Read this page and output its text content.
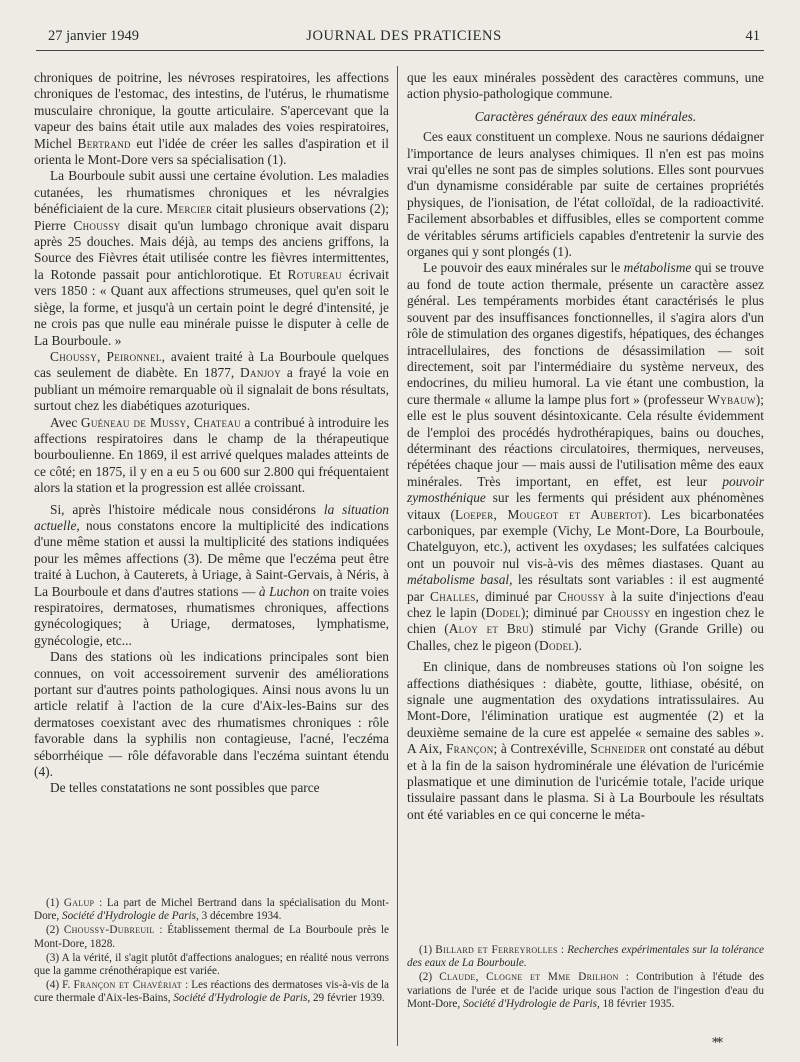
27 janvier 1949	JOURNAL DES PRATICIENS	41

chroniques de poitrine, les névroses respiratoires, les affections chroniques de l'estomac, des intestins, de l'utérus, le rhumatisme musculaire chronique, la goutte articulaire. S'apercevant que la vapeur des bains était utile aux malades des voies respiratoires, Michel Bertrand eut l'idée de créer les salles d'aspiration et il orienta le Mont-Dore vers sa spécialisation (1).

La Bourboule subit aussi une certaine évolution. Les maladies cutanées, les rhumatismes chroniques et les névralgies bénéficiaient de la cure. Mercier citait plusieurs observations (2); Pierre Choussy disait qu'un lumbago chronique avait disparu après 25 douches. Mais déjà, au temps des anciens griffons, la Source des Fièvres était utilisée contre les fièvres intermittentes, la Rotonde passait pour antichlorotique. Et Rotureau écrivait vers 1850 : « Quant aux affections strumeuses, quel qu'en soit le siège, la forme, et jusqu'à un certain point le degré d'intensité, je ne crois pas que nulle eau minérale puisse le disputer à celle de La Bourboule. »

Choussy, Peironnel, avaient traité à La Bourboule quelques cas seulement de diabète. En 1877, Danjoy a frayé la voie en publiant un mémoire remarquable où il signalait de bons résultats, surtout chez les diabétiques azoturiques.

Avec Guéneau de Mussy, Chateau a contribué à introduire les affections respiratoires dans le champ de la thérapeutique bourboulienne. En 1869, il est arrivé quelques malades atteints de ce côté; en 1875, il y en a eu 5 ou 600 sur 2.800 qui fréquentaient alors la station et la progression est allée croissant.

Si, après l'histoire médicale nous considérons la situation actuelle, nous constatons encore la multiplicité des indications d'une même station et aussi la multiplicité des stations indiquées pour les mêmes affections (3). De même que l'eczéma peut être traité à Luchon, à Cauterets, à Uriage, à Saint-Gervais, à Néris, à La Bourboule et dans d'autres stations — à Luchon on traite voies respiratoires, dermatoses, rhumatismes chroniques, affections gynécologiques; à Uriage, dermatoses, lymphatisme, gynécologie, etc...

Dans des stations où les indications principales sont bien connues, on voit accessoirement survenir des améliorations portant sur d'autres points pathologiques. Ainsi nous avons lu un article relatif à l'action de la cure d'Aix-les-Bains sur des dermatoses coexistant avec des rhumatismes chroniques : rôle favorable dans la syphilis non contagieuse, l'acné, l'eczéma séborrhéique — rôle défavorable dans l'eczéma suintant étendu (4).

De telles constatations ne sont possibles que parce

(1) Galup : La part de Michel Bertrand dans la spécialisation du Mont-Dore, Société d'Hydrologie de Paris, 3 décembre 1934.

(2) Choussy-Dubreuil : Établissement thermal de La Bourboule près le Mont-Dore, 1828.

(3) A la vérité, il s'agit plutôt d'affections analogues; en réalité nous verrons que la gamme crénothérapique est variée.

(4) F. Françon et Chavériat : Les réactions des dermatoses vis-à-vis de la cure thermale d'Aix-les-Bains, Société d'Hydrologie de Paris, 29 février 1939.

que les eaux minérales possèdent des caractères communs, une action physio-pathologique commune.

Caractères généraux des eaux minérales.

Ces eaux constituent un complexe. Nous ne saurions dédaigner l'importance de leurs analyses chimiques. Il n'en est pas moins vrai qu'elles ne sont pas de simples solutions. Elles sont pourvues d'un dynamisme considérable par suite de certaines propriétés physiques, de l'ionisation, de l'état colloïdal, de la radioactivité. Facilement absorbables et diffusibles, elles se comportent comme de véritables sérums artificiels capables d'entretenir la survie des organes qui y sont plongés (1).

Le pouvoir des eaux minérales sur le métabolisme qui se trouve au fond de toute action thermale, présente un caractère assez général. Les tempéraments morbides étant caractérisés le plus souvent par des insuffisances fonctionnelles, il s'agira alors d'un rôle de stimulation des organes digestifs, hépatiques, des échanges intracellulaires, des fonctions de désassimilation — soit directement, soit par l'intermédiaire du système nerveux, des endocrines, du milieu humoral. La vie étant une combustion, la cure thermale « allume la lampe plus fort » (professeur Wybauw); elle est le plus souvent désintoxicante. Cela résulte évidemment de l'emploi des procédés hydrothérapiques, bains ou douches, déterminant des réactions circulatoires, thermiques, nerveuses, répétées chaque jour — mais aussi de l'utilisation même des eaux minérales. Très important, en effet, est leur pouvoir zymosthénique sur les ferments qui président aux phénomènes vitaux (Loeper, Mougeot et Aubertot). Les bicarbonatées carboniques, par exemple (Vichy, Le Mont-Dore, La Bourboule, Chatelguyon, etc.), activent les oxydases; les sulfatées calciques ont un pouvoir nul vis-à-vis des mêmes diastases. Quant au métabolisme basal, les résultats sont variables : il est augmenté par Challes, diminué par Choussy à la suite d'injections d'eau chez le lapin (Dodel); diminué par Choussy en ingestion chez le chien (Aloy et Bru) stimulé par Vichy (Grande Grille) ou Challes, chez le pigeon (Dodel).

En clinique, dans de nombreuses stations où l'on soigne les affections diathésiques : diabète, goutte, lithiase, obésité, on signale une augmentation des oxydations intratissulaires. Au Mont-Dore, l'élimination uratique est augmentée (2) et la deuxième semaine de la cure est appelée « semaine des sables ». A Aix, Françon; à Contrexéville, Schneider ont constaté au début et à la fin de la saison hydrominérale une élévation de l'uricémie plasmatique et une diminution de l'uricémie totale, l'acide urique tissulaire passant dans le plasma. Si à La Bourboule les résultats ont été variables en ce qui concerne le méta-

(1) Billard et Ferreyrolles : Recherches expérimentales sur la tolérance des eaux de La Bourboule.

(2) Claude, Clogne et Mme Drilhon : Contribution à l'étude des variations de l'urée et de l'acide urique sous l'action de l'ingestion d'eau du Mont-Dore, Société d'Hydrologie de Paris, 18 février 1935.

**
